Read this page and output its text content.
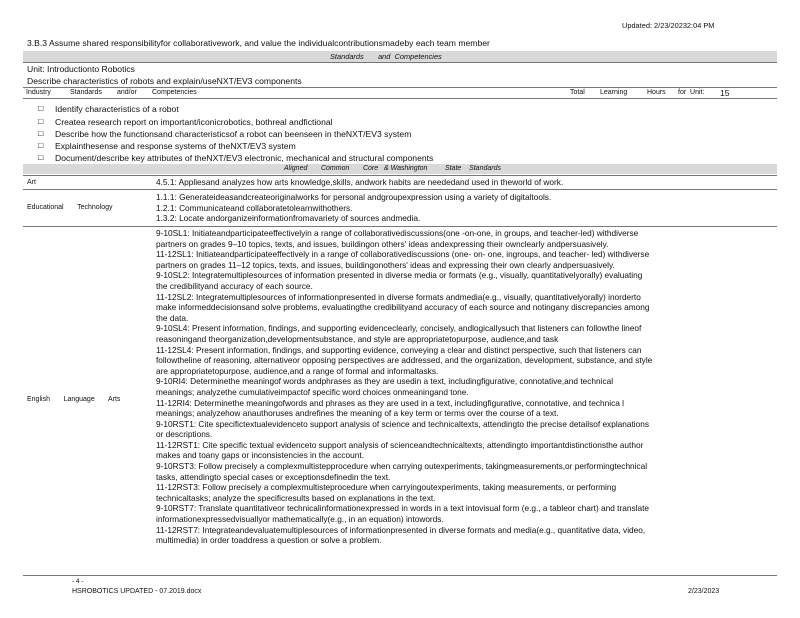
Updated: 2/23/20232:04 PM
3.B.3 Assume shared responsibilityfor collaborativework, and value the individualcontributionsmadeby each team member
Standards       and  Competencies
Unit: Introductionto Robotics
Describe characteristics of robots and explain/useNXT/EV3 components
Industry	Standards and/or Competencies	Total Learning	Hours for  Unit: 15
□ Identify characteristics of a robot
□ Createa research report on important/iconicrobotics, bothreal andfictional
□ Describe how the functionsand characteristicsof a robot can beenseen in theNXT/EV3 system
□ Explainthesense and response systems of theNXT/EV3 system
□ Document/describe key attributes of theNXT/EV3 electronic, mechanical and structural components
Aligned       Common       Core   & Washington         State    Standards
Art	4.5.1: Appliesand analyzes how arts knowledge,skills, andwork habits are neededand used in theworld of work.
Educational       Technology
1.1.1: Generateideasandcreateoriginalworks for personal andgroupexpression using a variety of digitaltools.
1.2.1: Communicateand collaboratetolearnwithothers.
1.3.2: Locate andorganizeinformationfromavariety of sources andmedia.
English       Language       Arts
9-10SL1: Initiateandparticipateeffectivelyin a range of collaborativediscussions(one -on-one, in groups, and teacher-led) withdiverse
partners on grades 9–10 topics, texts, and issues, buildingon others' ideas andexpressing their ownclearly andpersuasively.
11-12SL1: Initiateandparticipateeffectively in a range of collaborativediscussions (one- on- one, ingroups, and teacher- led) withdiverse
partners on grades 11–12 topics, texts, and issues, buildingonothers' ideas and expressing their own clearly andpersuasively.
9-10SL2: Integratemultiplesources of information presented in diverse media or formats (e.g., visually, quantitativelyorally) evaluating
the credibilityand accuracy of each source.
11-12SL2: Integratemultiplesources of informationpresented in diverse formats andmedia(e.g., visually, quantitativelyorally) inorderto
make informeddecisionsand solve problems, evaluatingthe credibilityand accuracy of each source and notingany discrepancies among
the data.
9-10SL4: Present information, findings, and supporting evidenceclearly, concisely, andlogicallysuch that listeners can followthe lineof
reasoningand theorganization,developmentsubstance, and style are appropriatetopurpose, audience,and task
11-12SL4: Present information, findings, and supporting evidence, conveying a clear and distinct perspective, such that listeners can
followtheline of reasoning, alternativeor opposing perspectives are addressed, and the organization, development, substance, and style
are appropriatetopurpose, audience,and a range of formal and informaltasks.
9-10RI4: Determinethe meaningof words andphrases as they are usedin a text, includingfigurative, connotative,and technical
meanings; analyzethe cumulativeimpactof specific word choices onmeaningand tone.
11-12RI4: Determinethe meaningofwords and phrases as they are used in a text, includingfigurative, connotative, and technica l
meanings; analyzehow anauthoruses andrefines the meaning of a key term or terms over the course of a text.
9-10RST1: Cite specifictextualevidenceto support analysis of science and technicaltexts, attendingto the precise detailsof explanations
or descriptions.
11-12RST1: Cite specific textual evidenceto support analysis of scienceandtechnicaltexts, attendingto importantdistinctionsthe author
makes and toany gaps or inconsistencies in the account.
9-10RST3: Follow precisely a complexmultistepprocedure when carrying outexperiments, takingmeasurements,or performingtechnical
tasks, attendingto special cases or exceptionsdefinedin the text.
11-12RST3: Follow precisely a complexmultisteprocedure when carryingoutexperiments, taking measurements, or performing
technicaltasks; analyze the specificresults based on explanations in the text.
9-10RST7: Translate quantitativeor technicalinformationexpressed in words in a text intovisual form (e.g., a tableor chart) and translate
informationexpressedvisuallyor mathematically(e.g., in an equation) intowords.
11-12RST7: Integrateandevaluatemultiplesources of informationpresented in diverse formats and media(e.g., quantitative data, video,
multimedia) in order toaddress a question or solve a problem.
- 4 -
HSROBOTICS UPDATED - 07.2019.docx	2/23/2023
